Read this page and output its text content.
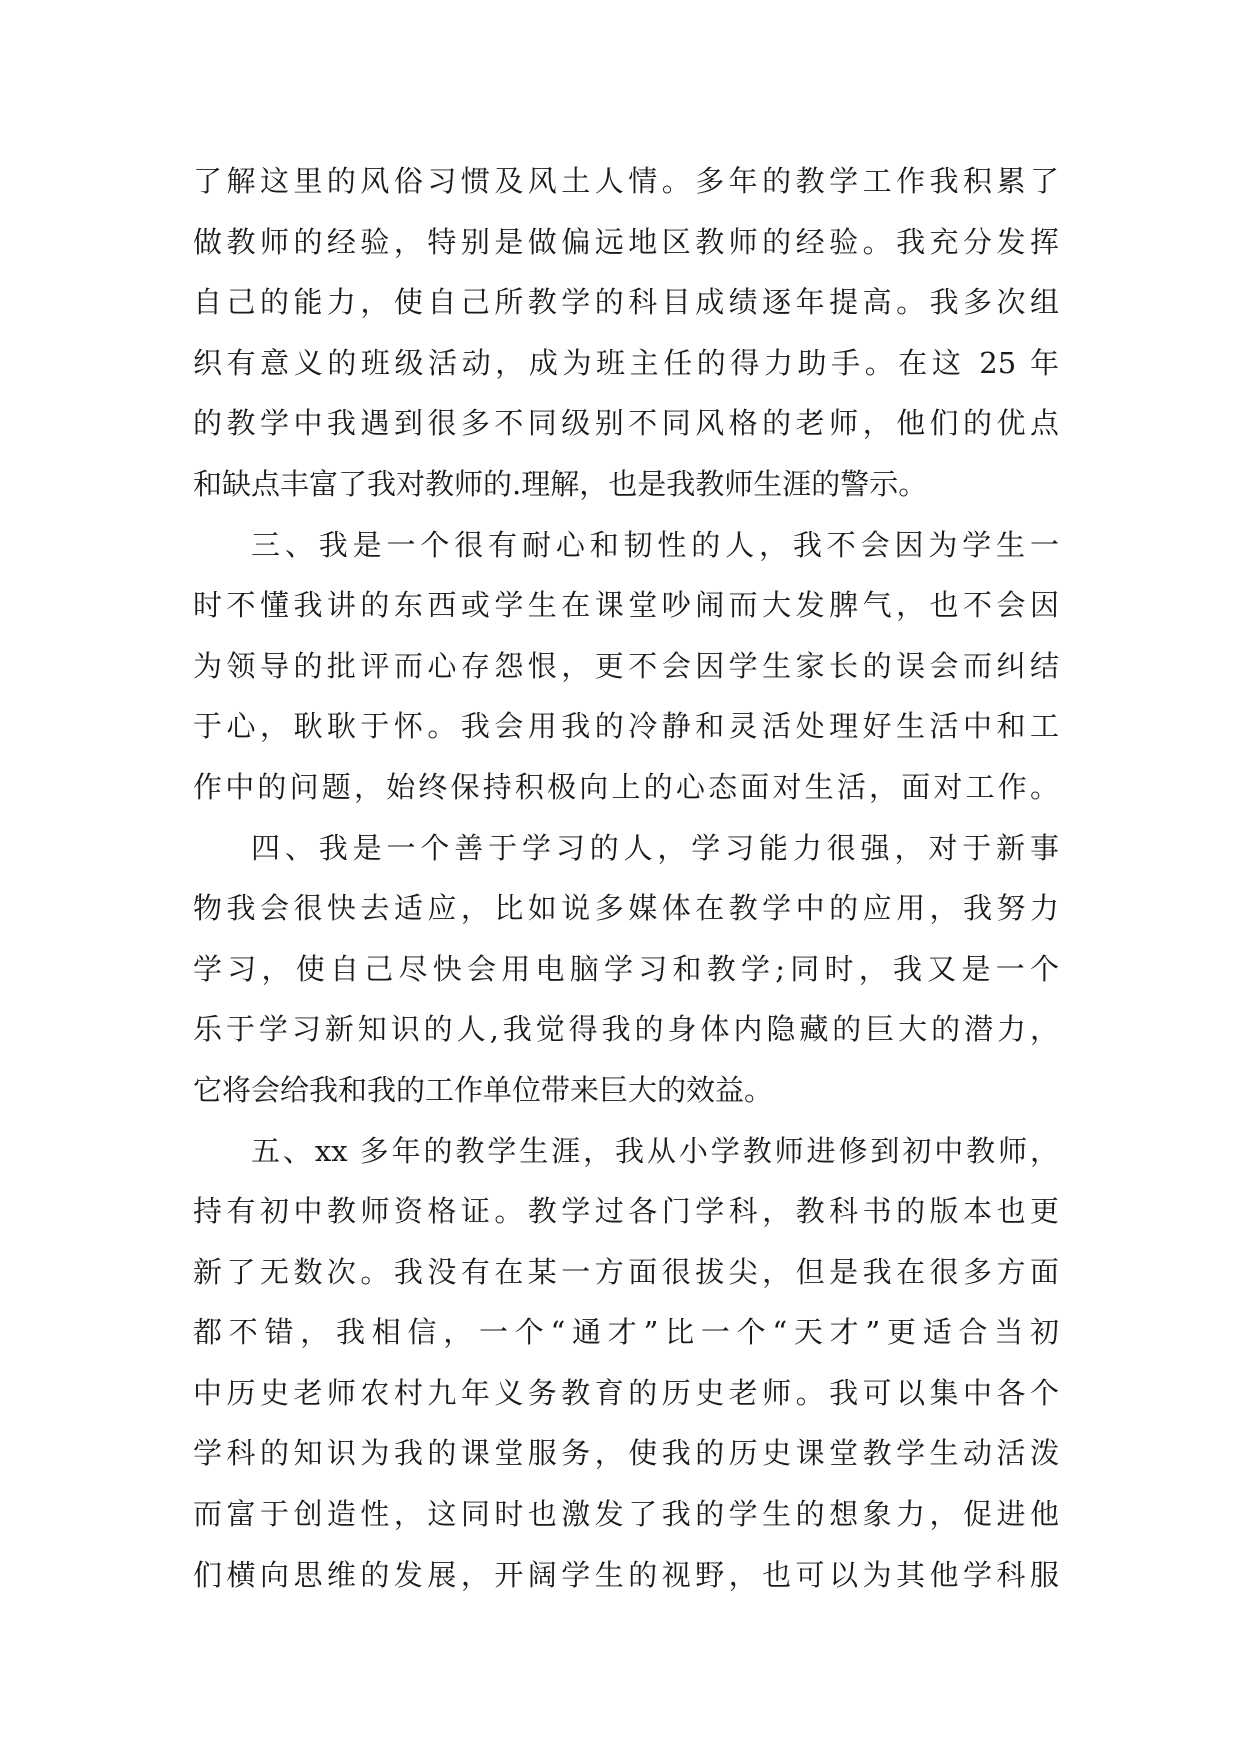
了解这里的风俗习惯及风土人情。多年的教学工作我积累了
做教师的经验，特别是做偏远地区教师的经验。我充分发挥
自己的能力，使自己所教学的科目成绩逐年提高。我多次组
织有意义的班级活动，成为班主任的得力助手。在这 25 年
的教学中我遇到很多不同级别不同风格的老师，他们的优点
和缺点丰富了我对教师的.理解，也是我教师生涯的警示。
三、我是一个很有耐心和韧性的人，我不会因为学生一
时不懂我讲的东西或学生在课堂吵闹而大发脾气，也不会因
为领导的批评而心存怨恨，更不会因学生家长的误会而纠结
于心，耿耿于怀。我会用我的冷静和灵活处理好生活中和工
作中的问题，始终保持积极向上的心态面对生活，面对工作。
四、我是一个善于学习的人，学习能力很强，对于新事
物我会很快去适应，比如说多媒体在教学中的应用，我努力
学习，使自己尽快会用电脑学习和教学;同时，我又是一个
乐于学习新知识的人,我觉得我的身体内隐藏的巨大的潜力，
它将会给我和我的工作单位带来巨大的效益。
五、xx 多年的教学生涯，我从小学教师进修到初中教师，
持有初中教师资格证。教学过各门学科，教科书的版本也更
新了无数次。我没有在某一方面很拔尖，但是我在很多方面
都不错，我相信，一个“通才”比一个“天才”更适合当初
中历史老师农村九年义务教育的历史老师。我可以集中各个
学科的知识为我的课堂服务，使我的历史课堂教学生动活泼
而富于创造性，这同时也激发了我的学生的想象力，促进他
们横向思维的发展，开阔学生的视野，也可以为其他学科服
